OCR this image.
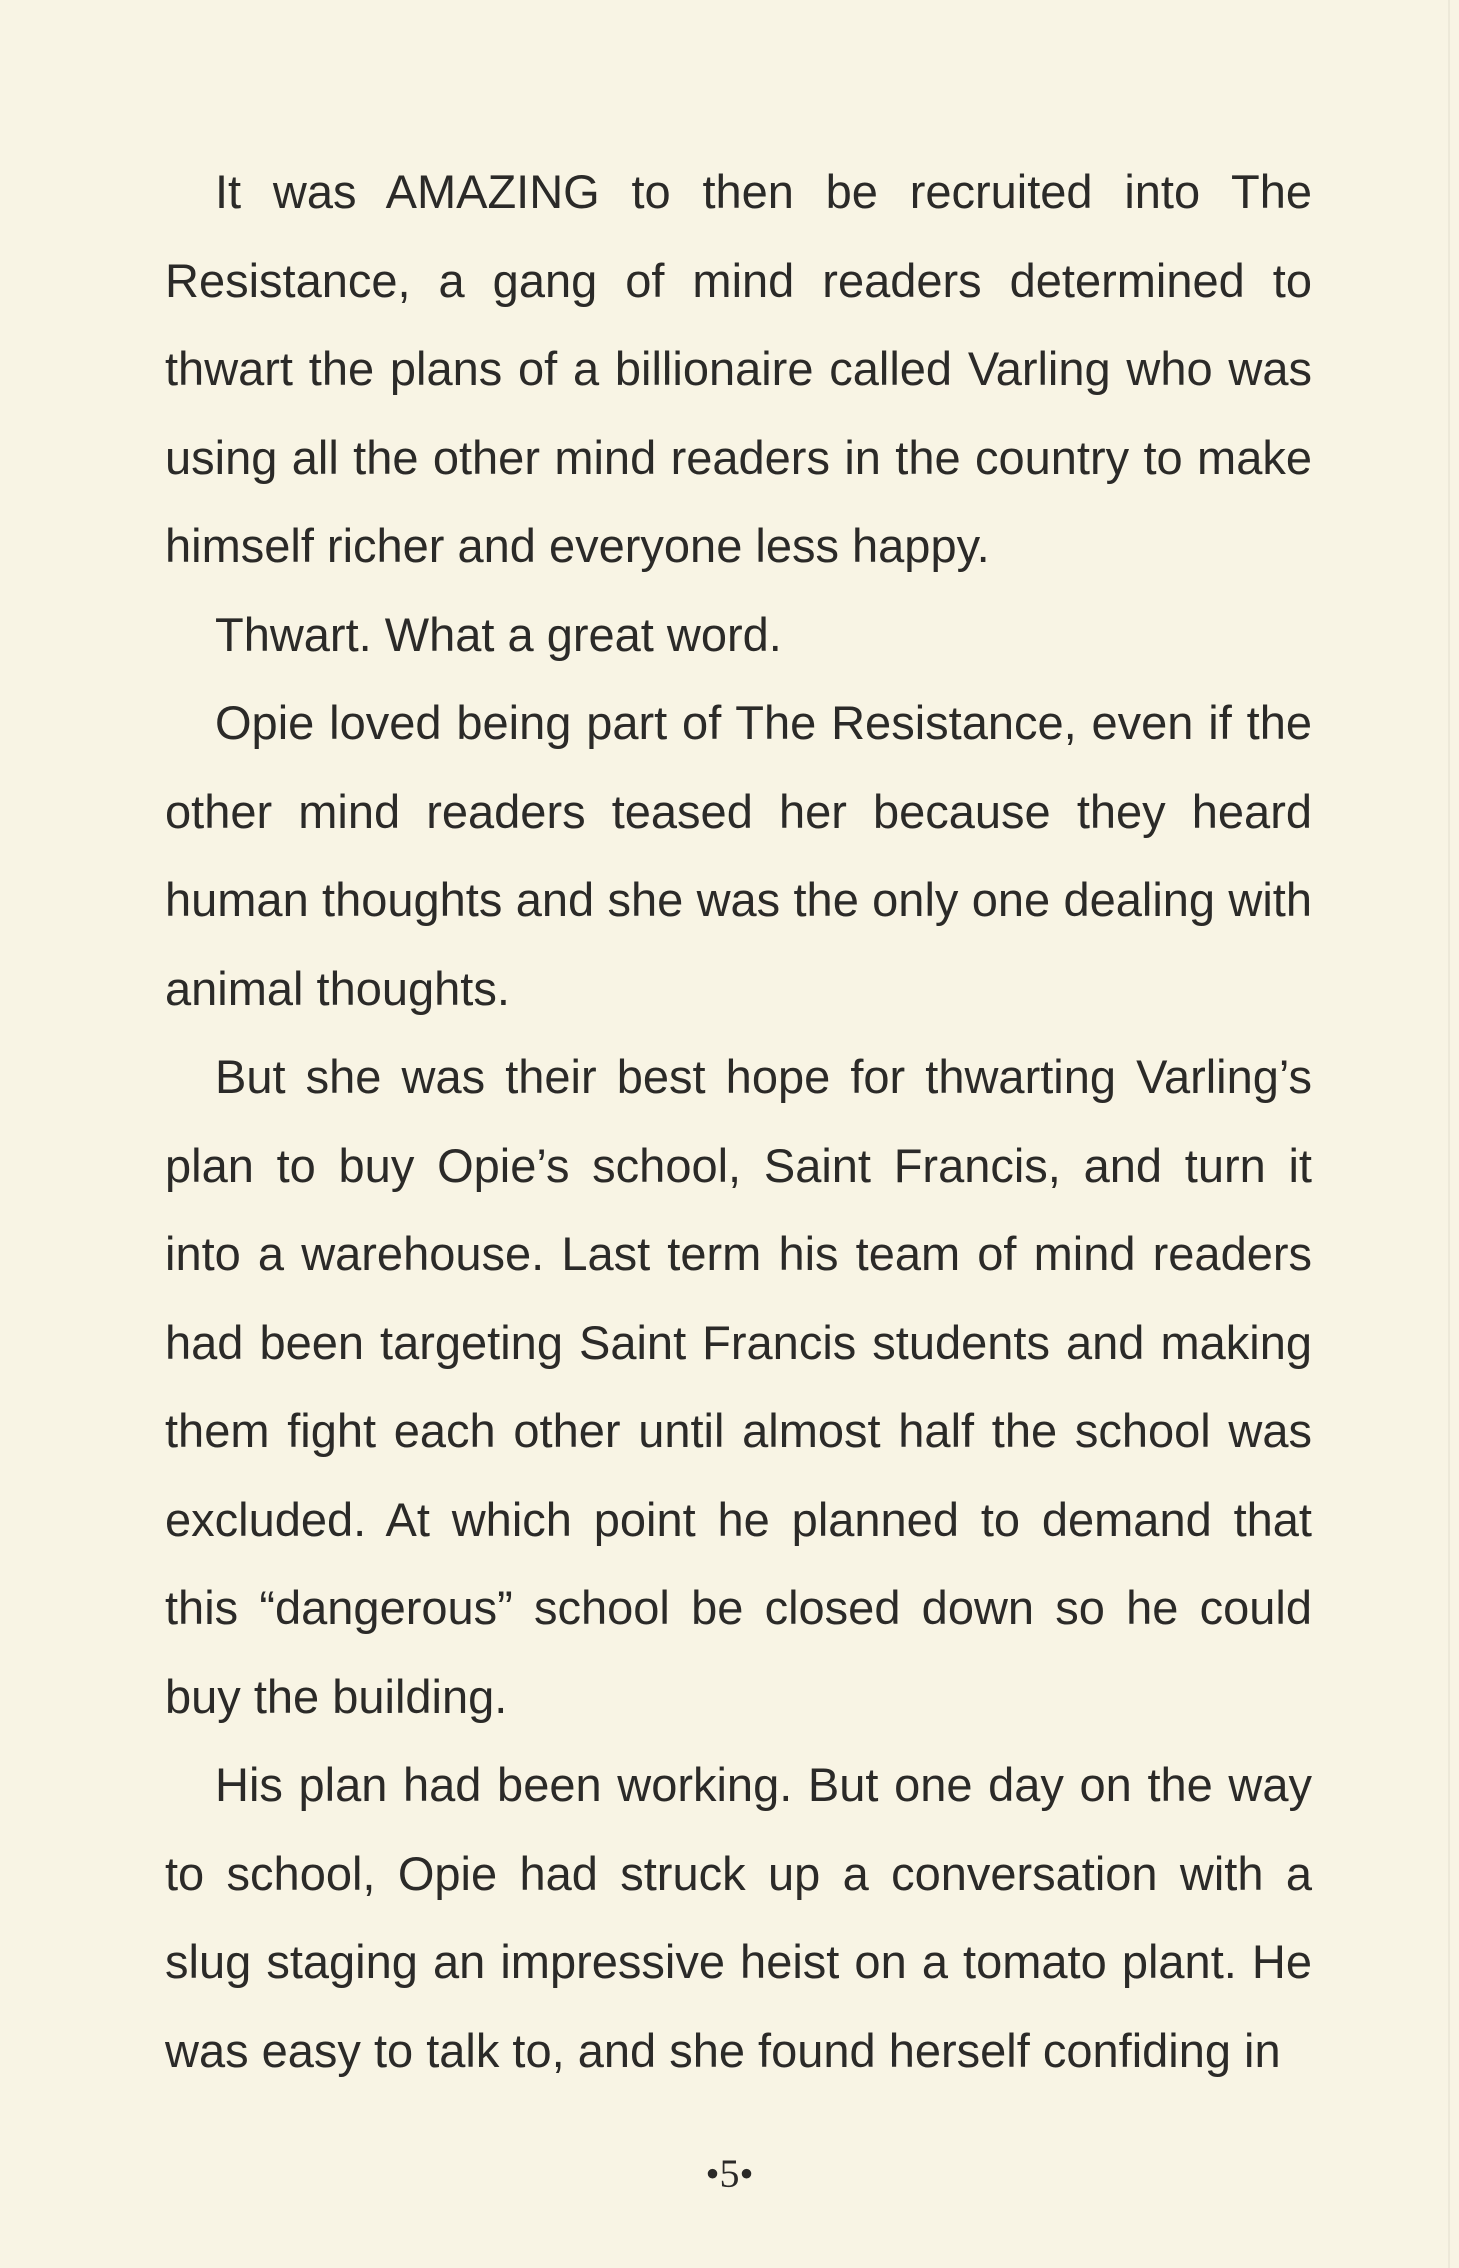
It was AMAZING to then be recruited into The Resistance, a gang of mind readers determined to thwart the plans of a billionaire called Varling who was using all the other mind readers in the country to make himself richer and everyone less happy.

Thwart. What a great word.

Opie loved being part of The Resistance, even if the other mind readers teased her because they heard human thoughts and she was the only one dealing with animal thoughts.

But she was their best hope for thwarting Varling’s plan to buy Opie’s school, Saint Francis, and turn it into a warehouse. Last term his team of mind readers had been targeting Saint Francis students and making them fight each other until almost half the school was excluded. At which point he planned to demand that this “dangerous” school be closed down so he could buy the building.

His plan had been working. But one day on the way to school, Opie had struck up a conversation with a slug staging an impressive heist on a tomato plant. He was easy to talk to, and she found herself confiding in

•5•
